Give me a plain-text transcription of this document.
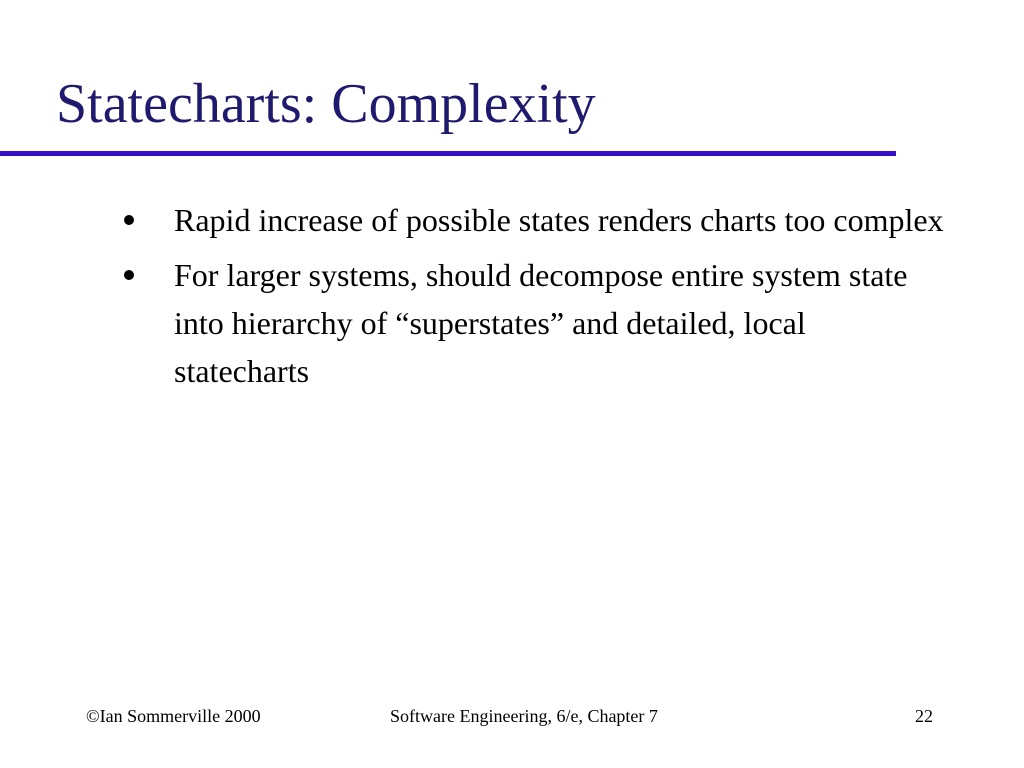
Statecharts: Complexity
Rapid increase of possible states renders charts too complex
For larger systems, should decompose entire system state into hierarchy of “superstates” and detailed, local statecharts
©Ian Sommerville 2000	Software Engineering, 6/e, Chapter 7	22
